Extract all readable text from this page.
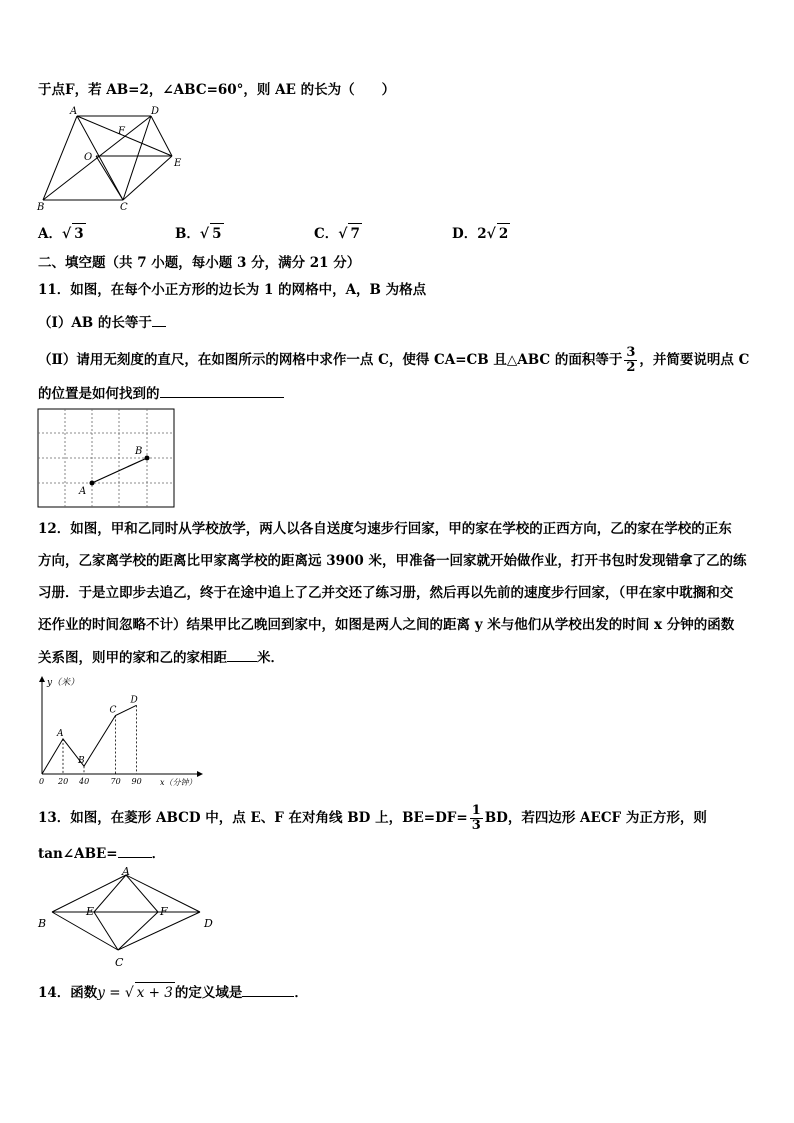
于点F，若 AB=2，∠ABC=60°，则 AE 的长为（　　）
A	D
F
O
E
B	C
A．√ 3	B．√ 5	C．√ 7	D．2√ 2
二、填空题（共 7 小题，每小题 3 分，满分 21 分）
11．如图，在每个小正方形的边长为 1 的网格中，A，B 为格点
（Ⅰ）AB 的长等于
（Ⅱ）请用无刻度的直尺，在如图所示的网格中求作一点 C，使得 CA=CB 且△ABC 的面积等于 $\frac{3}{2}$ ，并简要说明点 C
的位置是如何找到的
A
B
12．如图，甲和乙同时从学校放学，两人以各自送度匀速步行回家，甲的家在学校的正西方向，乙的家在学校的正东
方向，乙家离学校的距离比甲家离学校的距离远 3900 米，甲准备一回家就开始做作业，打开书包时发现错拿了乙的练
习册．于是立即步去追乙，终于在途中追上了乙并交还了练习册，然后再以先前的速度步行回家，（甲在家中耽搁和交
还作业的时间忽略不计）结果甲比乙晚回到家中，如图是两人之间的距离 y 米与他们从学校出发的时间 x 分钟的函数
关系图，则甲的家和乙的家相距 米．
A
B
C
D
0 20 40	70 90
y（米）
x（分钟）
13．如图，在菱形 ABCD 中，点 E、F 在对角线 BD 上，$BE=DF= \frac{1}{3}$ BD，若四边形 AECF 为正方形，则
tan∠ABE=	．
A
B
E	F
D
C
14．函数y = √ x + 3 的定义域是	．
